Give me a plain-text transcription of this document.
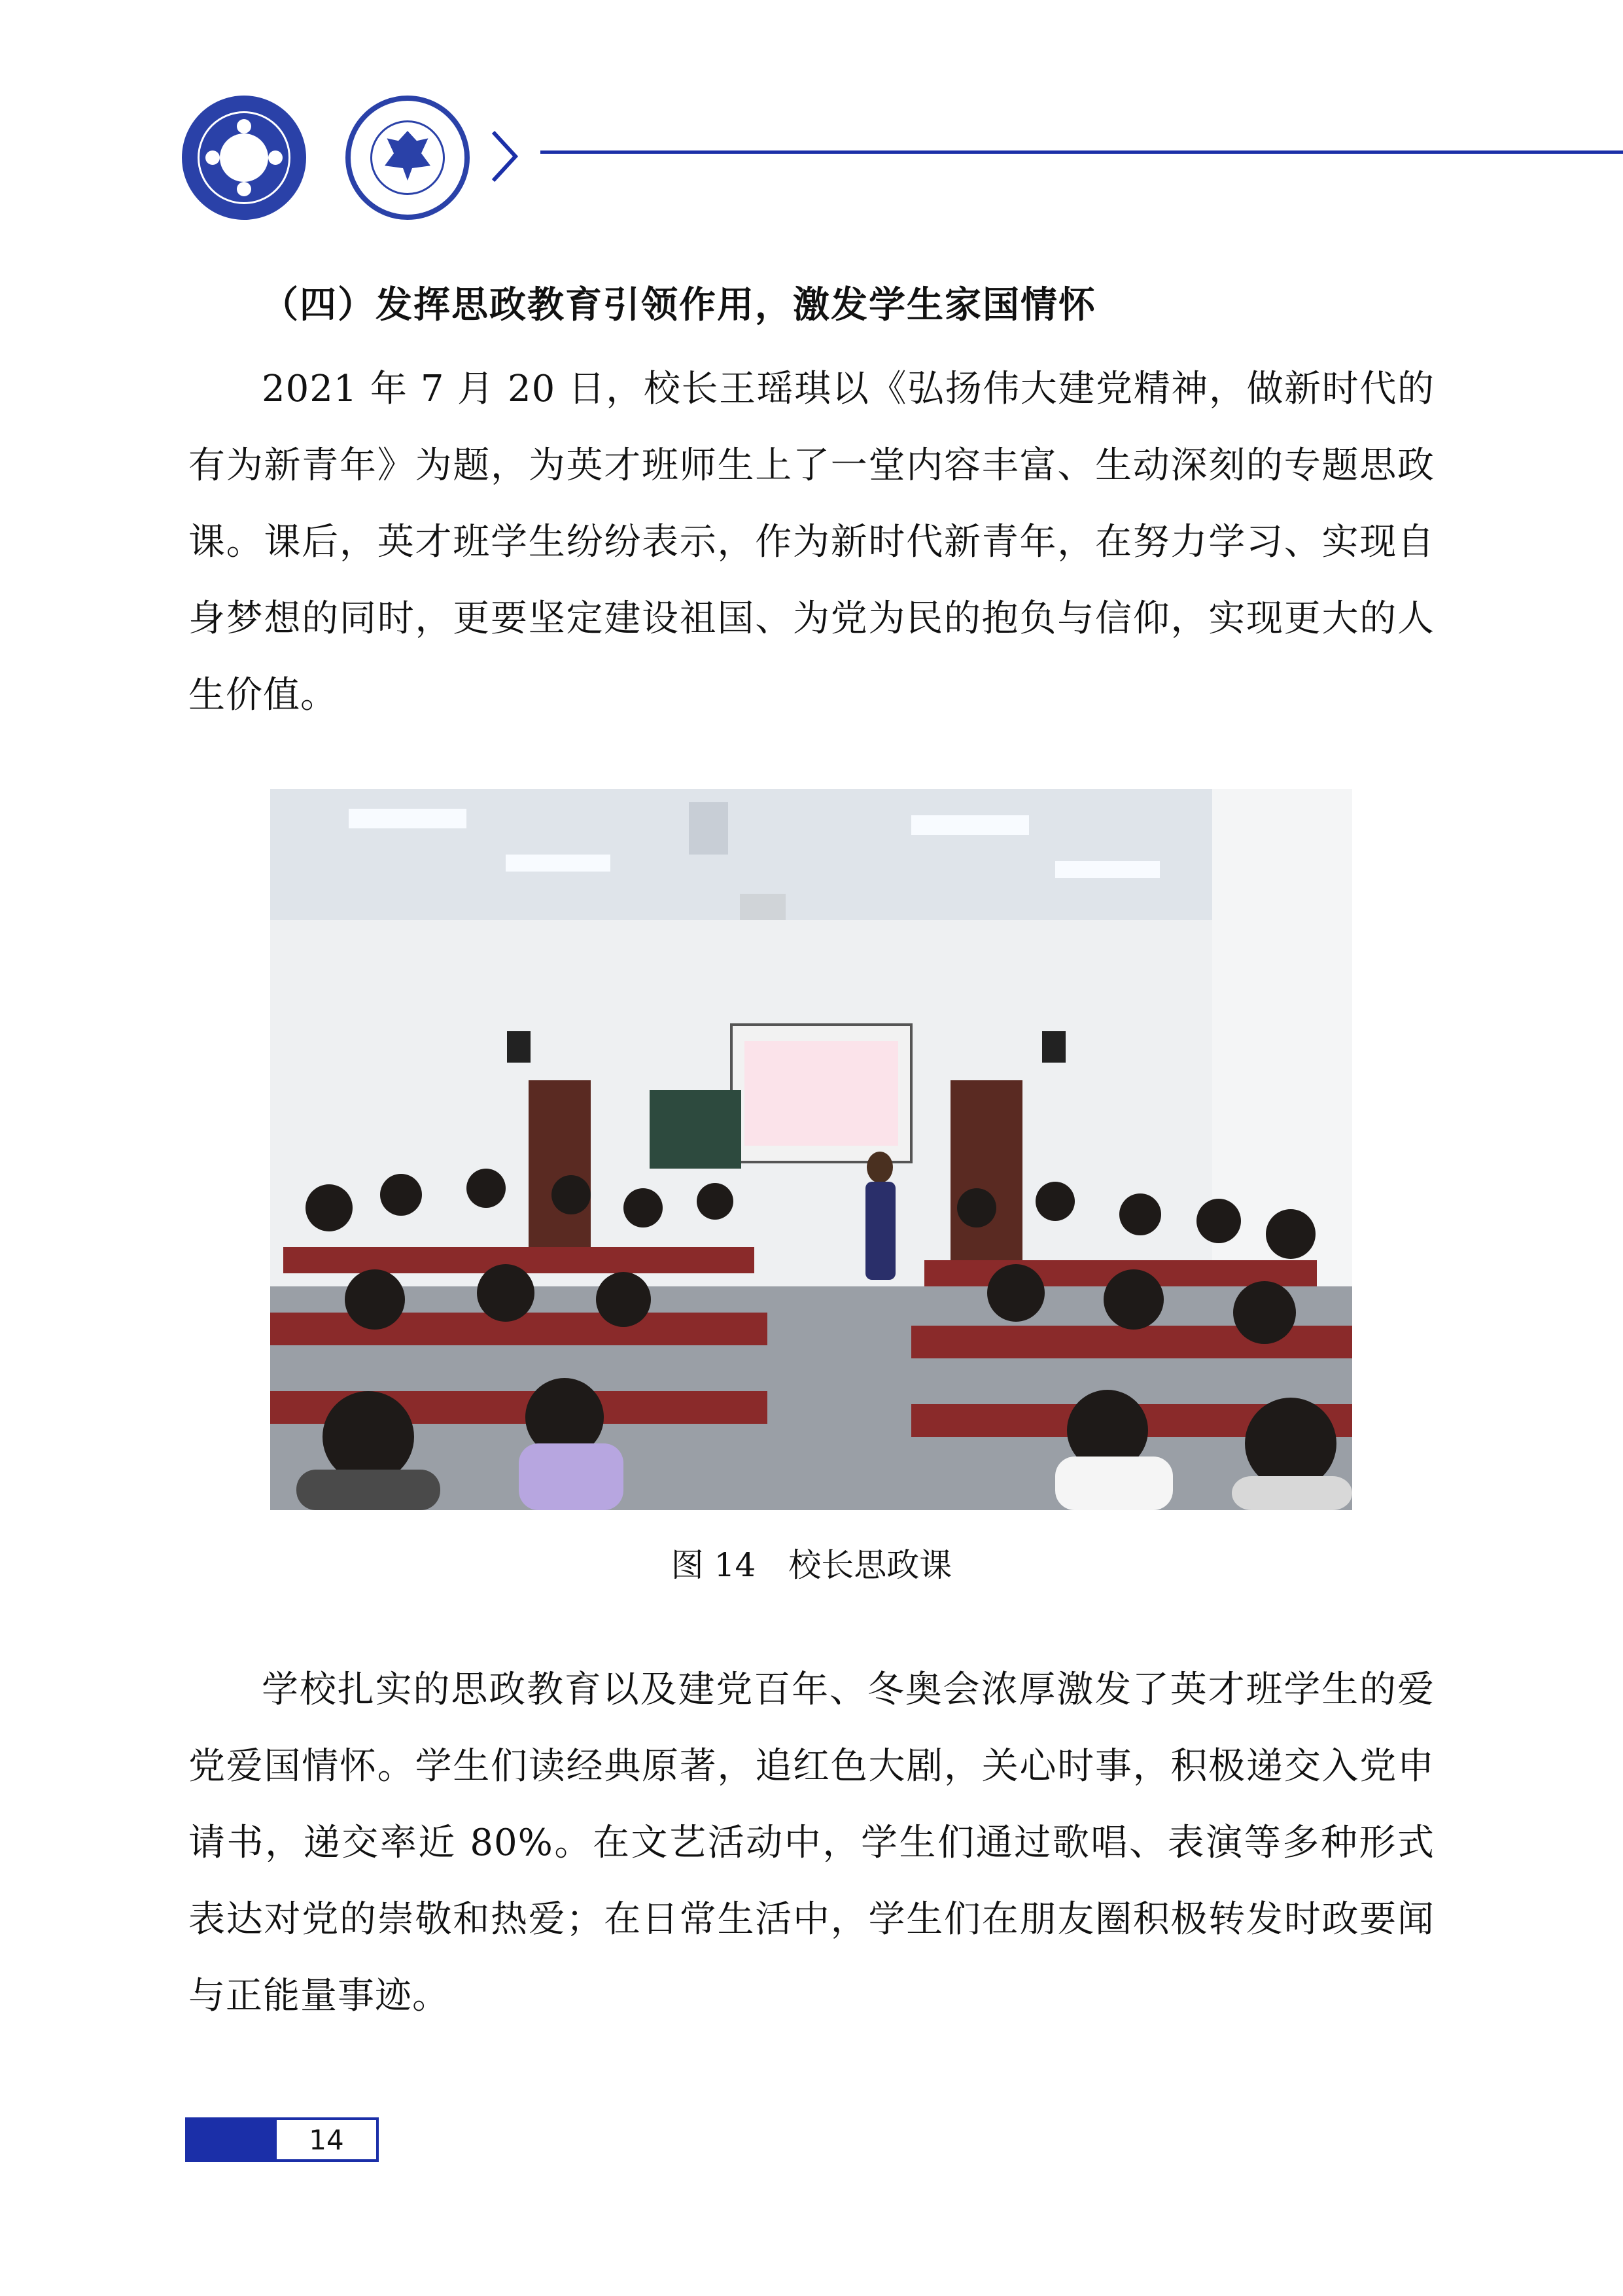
（四）发挥思政教育引领作用，激发学生家国情怀

2021 年 7 月 20 日，校长王瑶琪以《弘扬伟大建党精神，做新时代的有为新青年》为题，为英才班师生上了一堂内容丰富、生动深刻的专题思政课。课后，英才班学生纷纷表示，作为新时代新青年，在努力学习、实现自身梦想的同时，更要坚定建设祖国、为党为民的抱负与信仰，实现更大的人生价值。

图 14　校长思政课

学校扎实的思政教育以及建党百年、冬奥会浓厚激发了英才班学生的爱党爱国情怀。学生们读经典原著，追红色大剧，关心时事，积极递交入党申请书，递交率近 80%。在文艺活动中，学生们通过歌唱、表演等多种形式表达对党的崇敬和热爱；在日常生活中，学生们在朋友圈积极转发时政要闻与正能量事迹。

14
